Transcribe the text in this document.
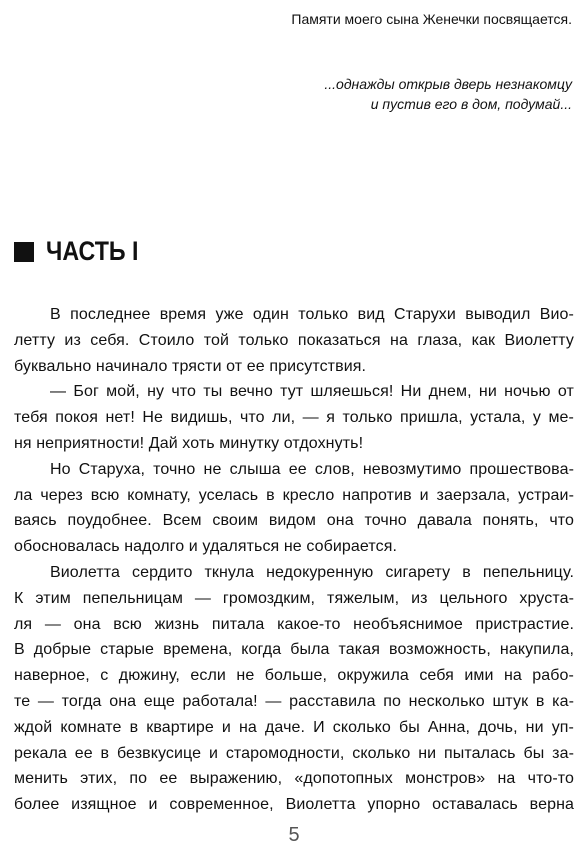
Памяти моего сына Женечки посвящается.
...однажды открыв дверь незнакомцу
и пустив его в дом, подумай...
ЧАСТЬ I
В последнее время уже один только вид Старухи выводил Вио-
летту из себя. Стоило той только показаться на глаза, как Виолетту
буквально начинало трясти от ее присутствия.
— Бог мой, ну что ты вечно тут шляешься! Ни днем, ни ночью от
тебя покоя нет! Не видишь, что ли, — я только пришла, устала, у ме-
ня неприятности! Дай хоть минутку отдохнуть!
Но Старуха, точно не слыша ее слов, невозмутимо прошествова-
ла через всю комнату, уселась в кресло напротив и заерзала, устраи-
ваясь поудобнее. Всем своим видом она точно давала понять, что
обосновалась надолго и удаляться не собирается.
Виолетта сердито ткнула недокуренную сигарету в пепельницу.
К этим пепельницам — громоздким, тяжелым, из цельного хруста-
ля — она всю жизнь питала какое-то необъяснимое пристрастие.
В добрые старые времена, когда была такая возможность, накупила,
наверное, с дюжину, если не больше, окружила себя ими на рабо-
те — тогда она еще работала! — расставила по несколько штук в ка-
ждой комнате в квартире и на даче. И сколько бы Анна, дочь, ни уп-
рекала ее в безвкусице и старомодности, сколько ни пыталась бы за-
менить этих, по ее выражению, «допотопных монстров» на что-то
более изящное и современное, Виолетта упорно оставалась верна
5
